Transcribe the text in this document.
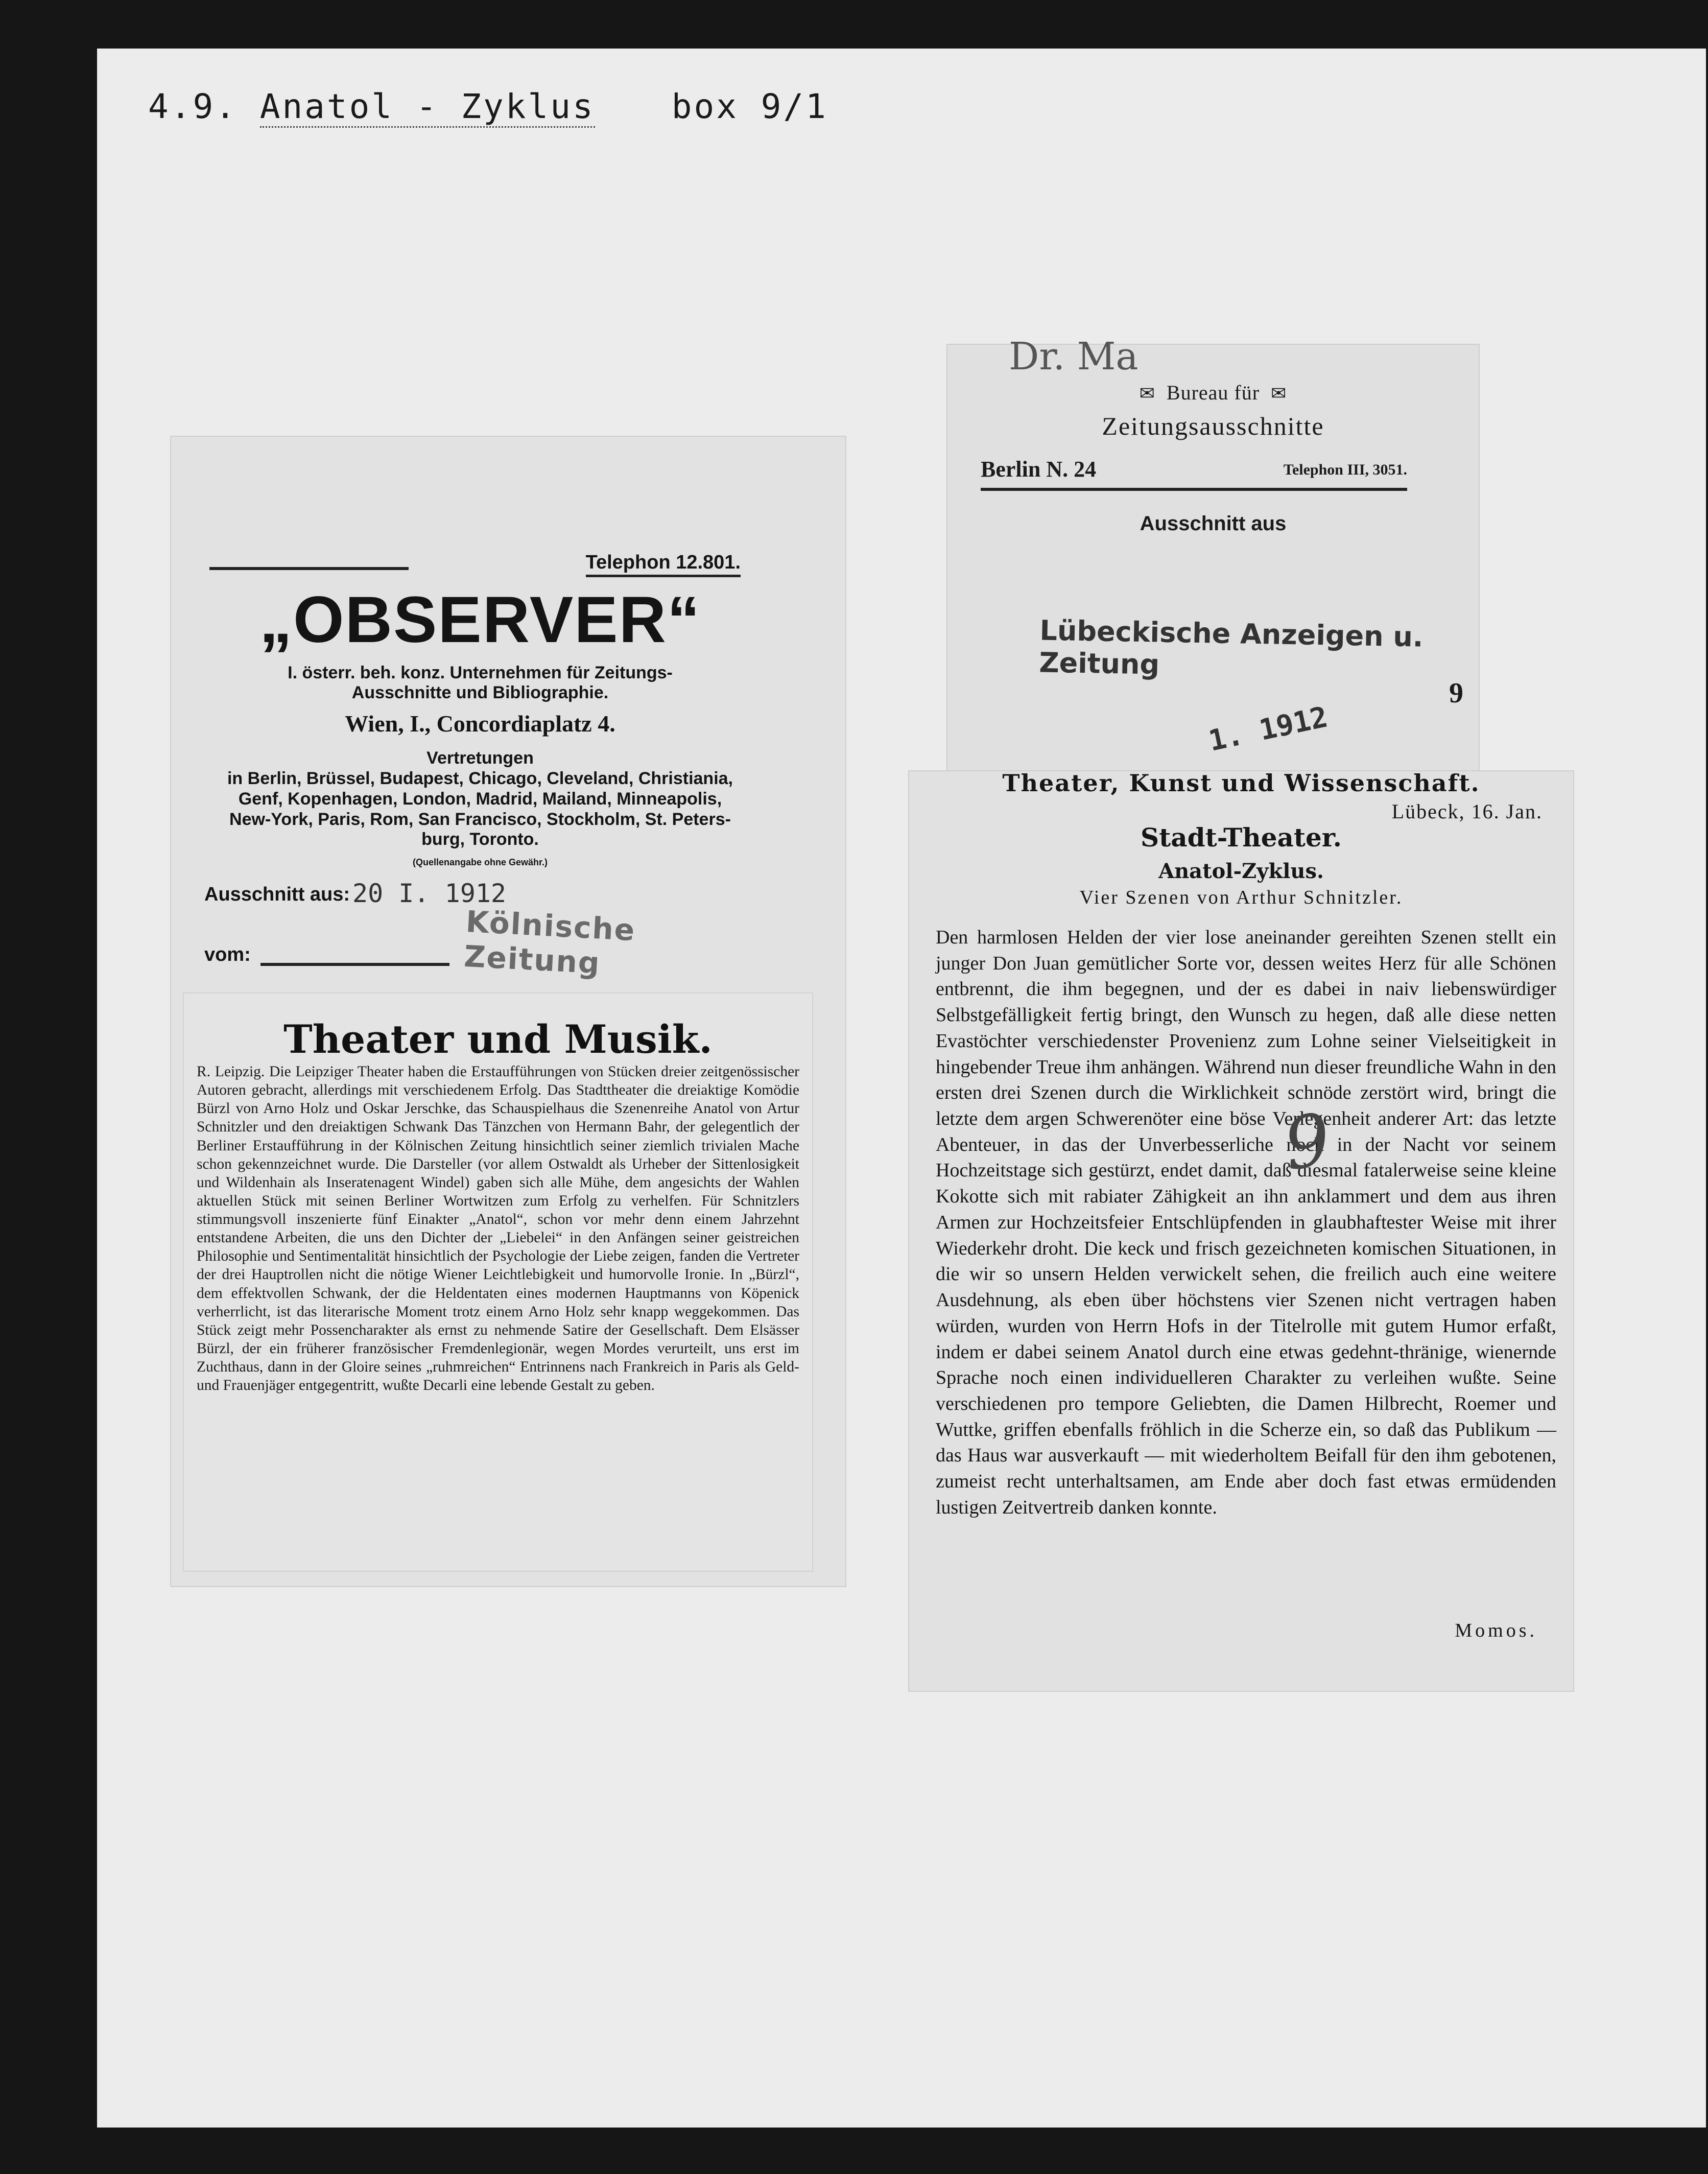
4.9. Anatol - Zyklus box 9/1
Telephon 12.801.
„OBSERVER“
I. österr. beh. konz. Unternehmen für Zeitungs-
Ausschnitte und Bibliographie.
Wien, I., Concordiaplatz 4.
Vertretungen
in Berlin, Brüssel, Budapest, Chicago, Cleveland, Christiania,
Genf, Kopenhagen, London, Madrid, Mailand, Minneapolis,
New-York, Paris, Rom, San Francisco, Stockholm, St. Peters-
burg, Toronto.
(Quellenangabe ohne Gewähr.)
Ausschnitt aus: 20 I. 1912
Kölnische Zeitung
vom:
Theater und Musik.
R. Leipzig. Die Leipziger Theater haben die Erstaufführungen von Stücken dreier zeitgenössischer Autoren gebracht, allerdings mit verschiedenem Erfolg. Das Stadttheater die dreiaktige Komödie Bürzl von Arno Holz und Oskar Jerschke, das Schauspielhaus die Szenenreihe Anatol von Artur Schnitzler und den dreiaktigen Schwank Das Tänzchen von Hermann Bahr, der gelegentlich der Berliner Erstaufführung in der Kölnischen Zeitung hinsichtlich seiner ziemlich trivialen Mache schon gekennzeichnet wurde. Die Darsteller (vor allem Ostwaldt als Urheber der Sittenlosigkeit und Wildenhain als Inseratenagent Windel) gaben sich alle Mühe, dem angesichts der Wahlen aktuellen Stück mit seinen Berliner Wortwitzen zum Erfolg zu verhelfen. Für Schnitzlers stimmungsvoll inszenierte fünf Einakter „Anatol“, schon vor mehr denn einem Jahrzehnt entstandene Arbeiten, die uns den Dichter der „Liebelei“ in den Anfängen seiner geistreichen Philosophie und Sentimentalität hinsichtlich der Psychologie der Liebe zeigen, fanden die Vertreter der drei Hauptrollen nicht die nötige Wiener Leichtlebigkeit und humorvolle Ironie. In „Bürzl“, dem effektvollen Schwank, der die Heldentaten eines modernen Hauptmanns von Köpenick verherrlicht, ist das literarische Moment trotz einem Arno Holz sehr knapp weggekommen. Das Stück zeigt mehr Possencharakter als ernst zu nehmende Satire der Gesellschaft. Dem Elsässer Bürzl, der ein früherer französischer Fremdenlegionär, wegen Mordes verurteilt, uns erst im Zuchthaus, dann in der Gloire seines „ruhmreichen“ Entrinnens nach Frankreich in Paris als Geld- und Frauenjäger entgegentritt, wußte Decarli eine lebende Gestalt zu geben.
Dr. Ma
✉ Bureau für ✉
Zeitungsausschnitte
Berlin N. 24	Telephon III, 3051.
Ausschnitt aus
Lübeckische Anzeigen u. Zeitung
9
1. 1912
Theater, Kunst und Wissenschaft.
Lübeck, 16. Jan.
Stadt-Theater.
Anatol-Zyklus.
Vier Szenen von Arthur Schnitzler.
Den harmlosen Helden der vier lose aneinander gereihten Szenen stellt ein junger Don Juan gemütlicher Sorte vor, dessen weites Herz für alle Schönen entbrennt, die ihm begegnen, und der es dabei in naiv liebenswürdiger Selbstgefälligkeit fertig bringt, den Wunsch zu hegen, daß alle diese netten Evastöchter verschiedenster Provenienz zum Lohne seiner Vielseitigkeit in hingebender Treue ihm anhängen. Während nun dieser freundliche Wahn in den ersten drei Szenen durch die Wirklichkeit schnöde zerstört wird, bringt die letzte dem argen Schwerenöter eine böse Verlegenheit anderer Art: das letzte Abenteuer, in das der Unverbesserliche noch in der Nacht vor seinem Hochzeitstage sich gestürzt, endet damit, daß diesmal fatalerweise seine kleine Kokotte sich mit rabiater Zähigkeit an ihn anklammert und dem aus ihren Armen zur Hochzeitsfeier Entschlüpfenden in glaubhaftester Weise mit ihrer Wiederkehr droht. Die keck und frisch gezeichneten komischen Situationen, in die wir so unsern Helden verwickelt sehen, die freilich auch eine weitere Ausdehnung, als eben über höchstens vier Szenen nicht vertragen haben würden, wurden von Herrn Hofs in der Titelrolle mit gutem Humor erfaßt, indem er dabei seinem Anatol durch eine etwas gedehnt-thränige, wienernde Sprache noch einen individuelleren Charakter zu verleihen wußte. Seine verschiedenen pro tempore Geliebten, die Damen Hilbrecht, Roemer und Wuttke, griffen ebenfalls fröhlich in die Scherze ein, so daß das Publikum — das Haus war ausverkauft — mit wiederholtem Beifall für den ihm gebotenen, zumeist recht unterhaltsamen, am Ende aber doch fast etwas ermüdenden lustigen Zeitvertreib danken konnte.
Momos.
9
